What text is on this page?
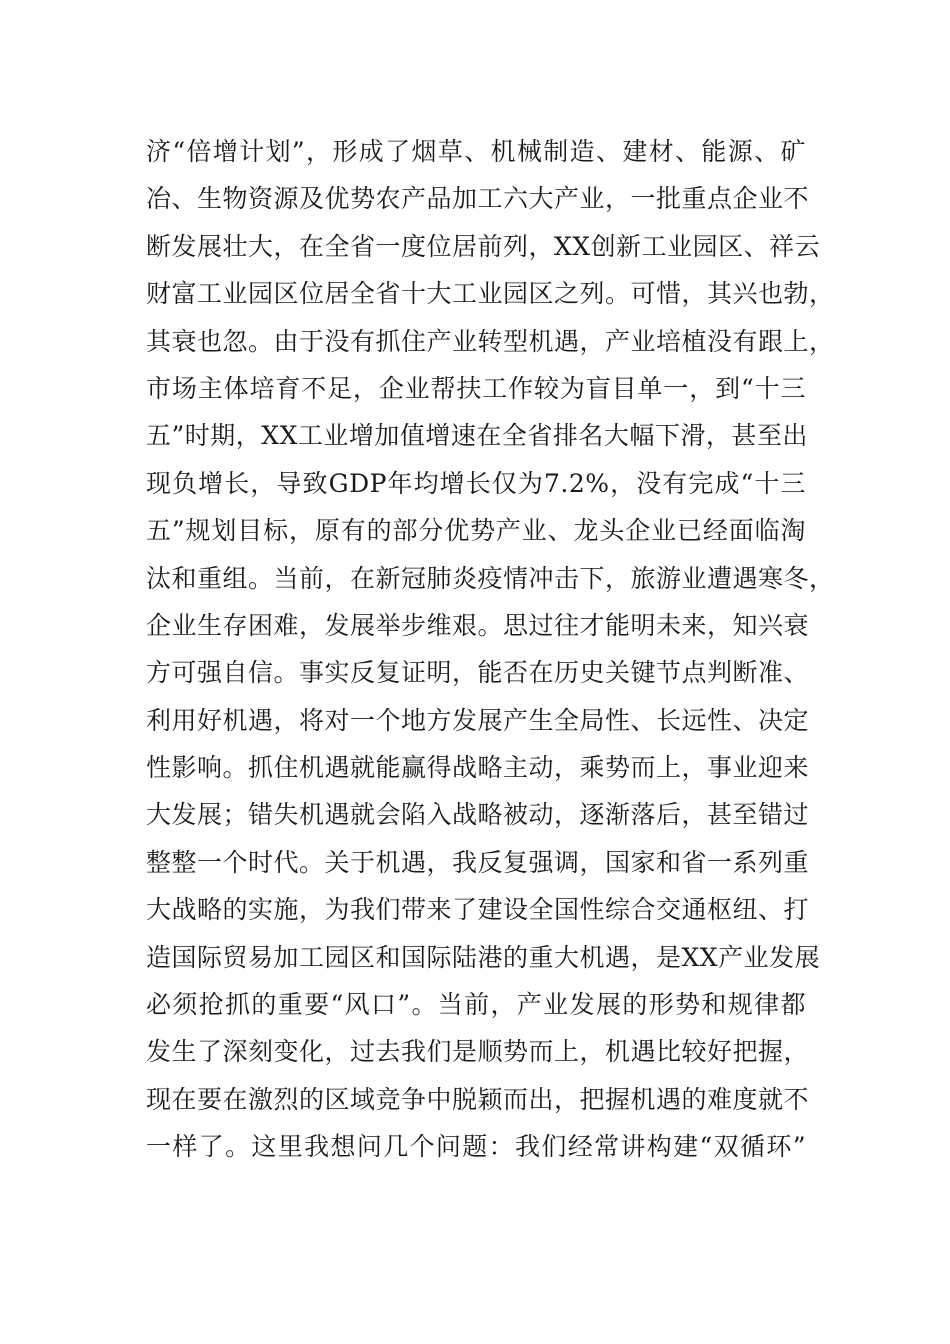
济“倍增计划”，形成了烟草、机械制造、建材、能源、矿
冶、生物资源及优势农产品加工六大产业，一批重点企业不
断发展壮大，在全省一度位居前列，XX创新工业园区、祥云
财富工业园区位居全省十大工业园区之列。可惜，其兴也勃，
其衰也忽。由于没有抓住产业转型机遇，产业培植没有跟上，
市场主体培育不足，企业帮扶工作较为盲目单一，到“十三
五”时期，XX工业增加值增速在全省排名大幅下滑，甚至出
现负增长，导致GDP年均增长仅为7.2%，没有完成“十三
五”规划目标，原有的部分优势产业、龙头企业已经面临淘
汰和重组。当前，在新冠肺炎疫情冲击下，旅游业遭遇寒冬，
企业生存困难，发展举步维艰。思过往才能明未来，知兴衰
方可强自信。事实反复证明，能否在历史关键节点判断准、
利用好机遇，将对一个地方发展产生全局性、长远性、决定
性影响。抓住机遇就能赢得战略主动，乘势而上，事业迎来
大发展；错失机遇就会陷入战略被动，逐渐落后，甚至错过
整整一个时代。关于机遇，我反复强调，国家和省一系列重
大战略的实施，为我们带来了建设全国性综合交通枢纽、打
造国际贸易加工园区和国际陆港的重大机遇，是XX产业发展
必须抢抓的重要“风口”。当前，产业发展的形势和规律都
发生了深刻变化，过去我们是顺势而上，机遇比较好把握，
现在要在激烈的区域竞争中脱颖而出，把握机遇的难度就不
一样了。这里我想问几个问题：我们经常讲构建“双循环”
